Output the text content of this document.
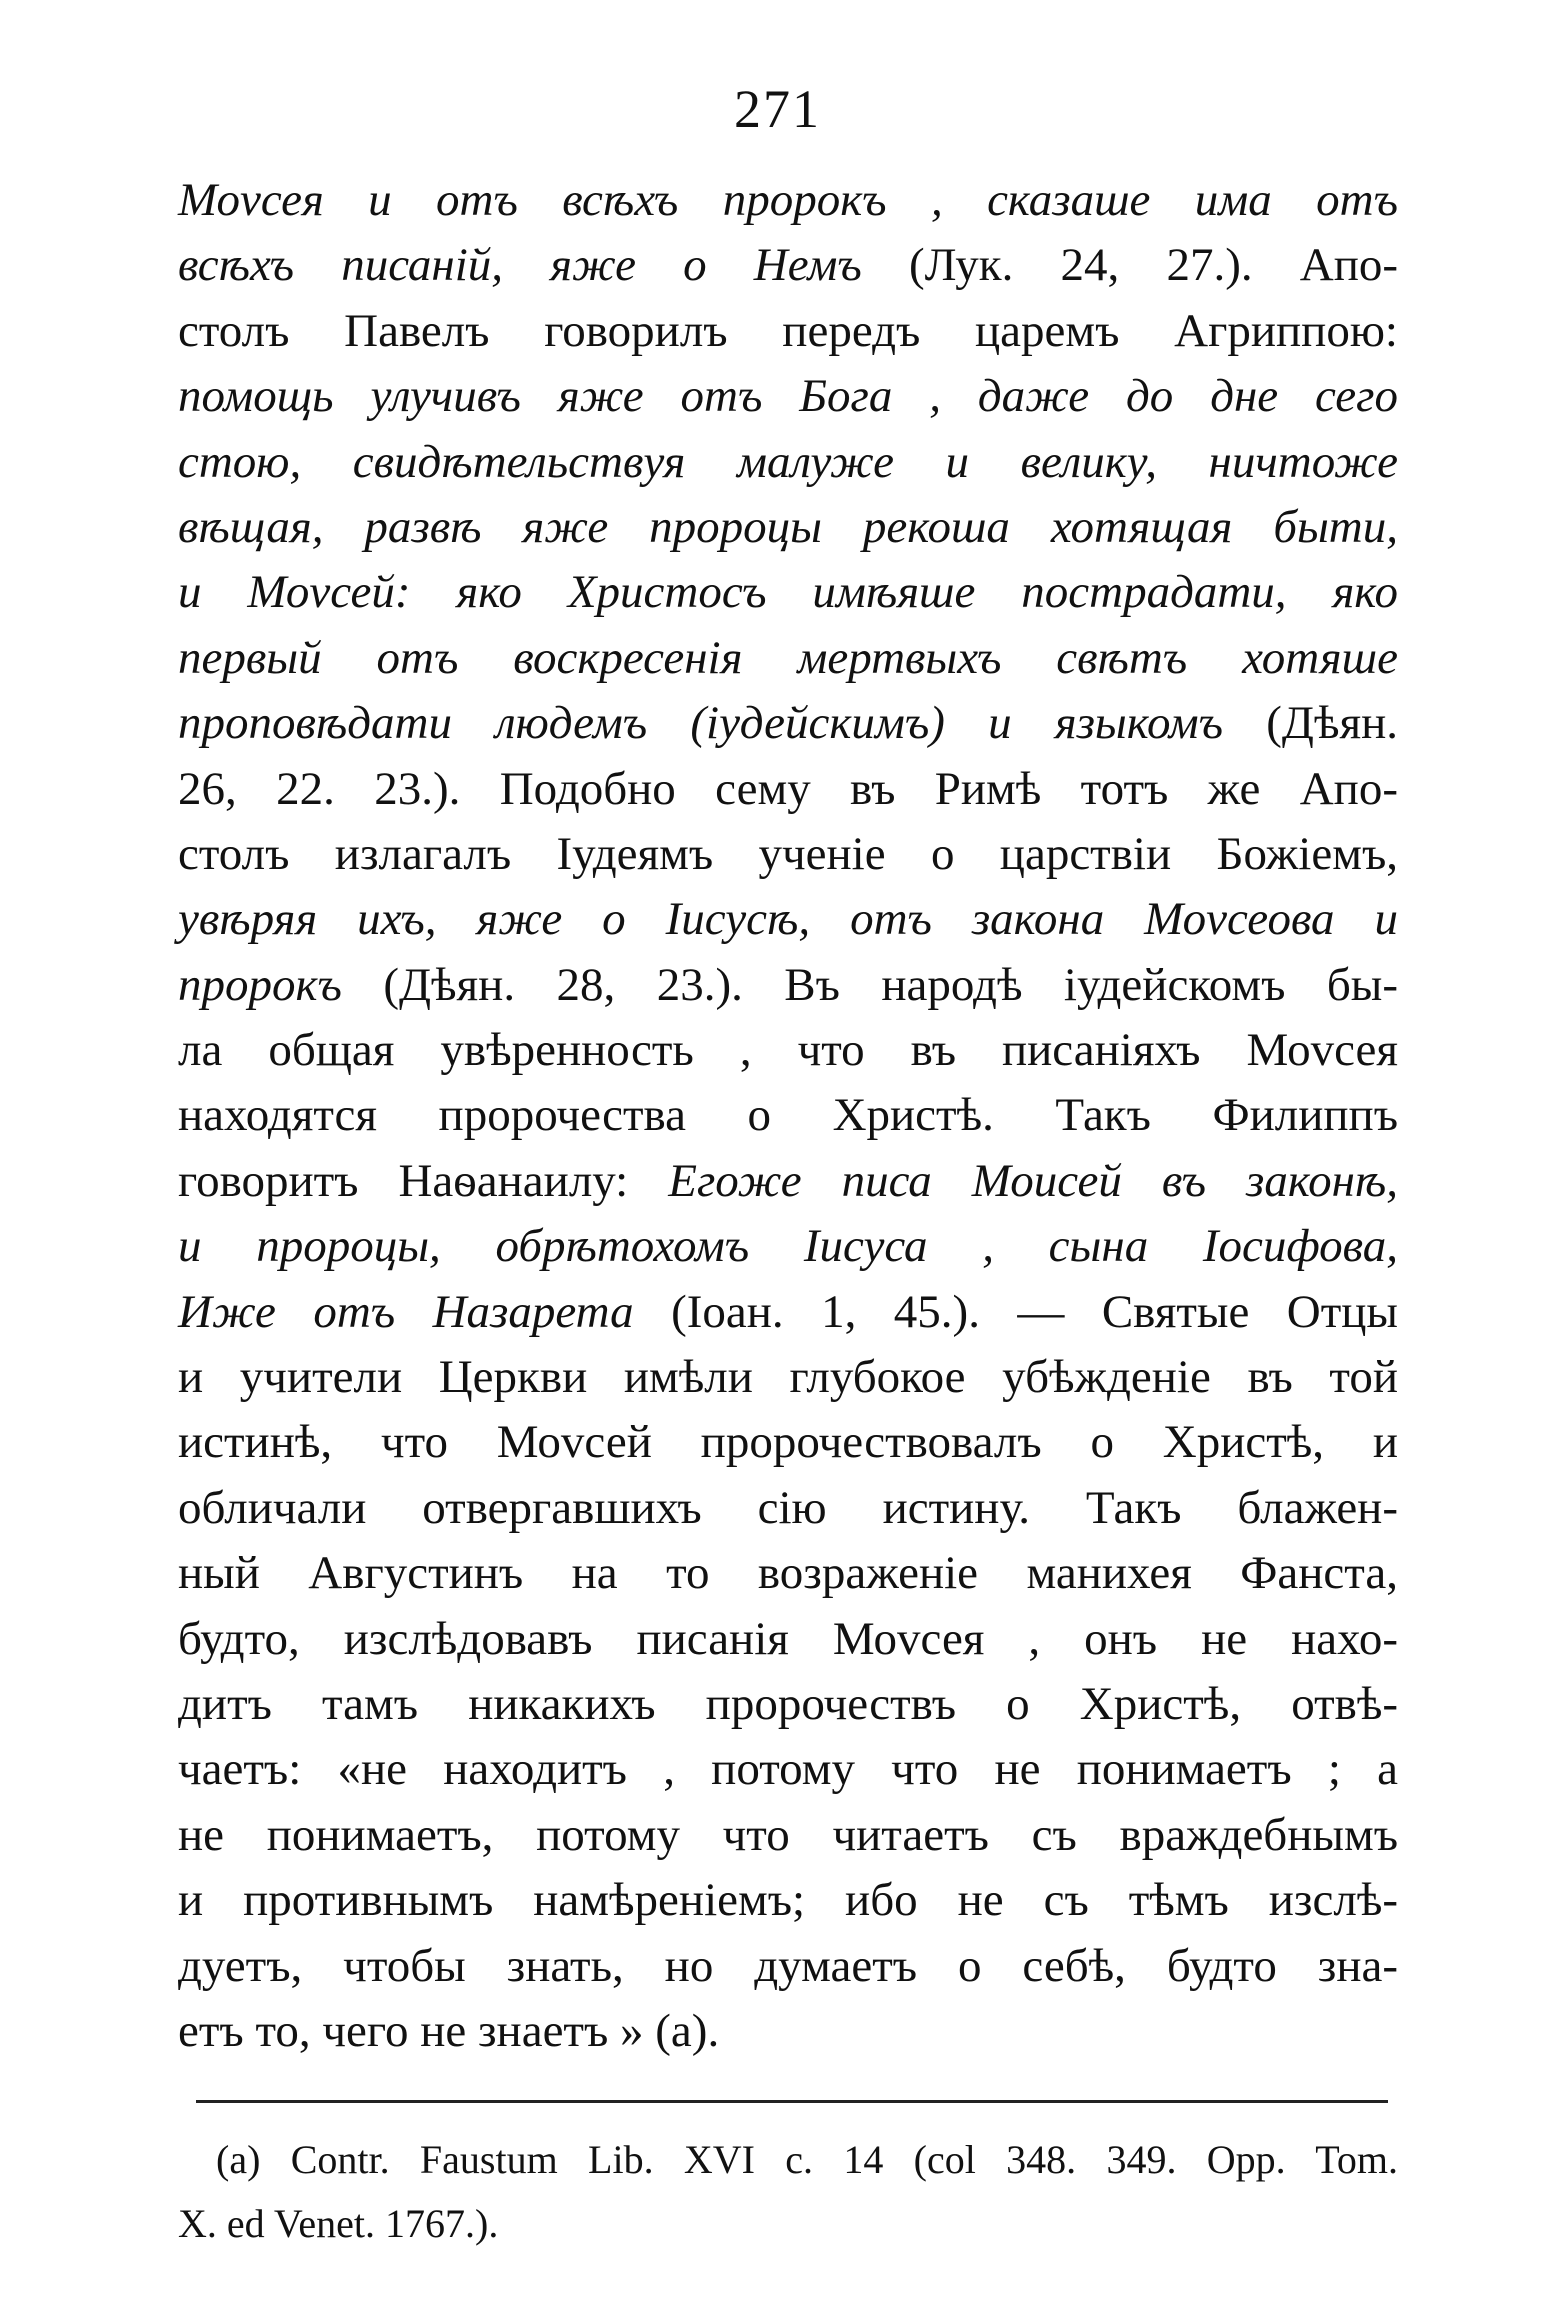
271
Моvсея и отъ всѣхъ пророкъ , сказаше има отъ
всѣхъ писаній, яже о Немъ (Лук. 24, 27.). Апо-
столъ Павелъ говорилъ передъ царемъ Агриппою:
помощь улучивъ яже отъ Бога , даже до дне сего
стою, свидѣтельствуя малуже и велику, ничтоже
вѣщая, развѣ яже пророцы рекоша хотящая быти,
и Моvсей: яко Христосъ имѣяше пострадати, яко
первый отъ воскресенія мертвыхъ свѣтъ хотяше
проповѣдати людемъ (іудейскимъ) и языкомъ (Дѣян.
26, 22. 23.). Подобно сему въ Римѣ тотъ же Апо-
столъ излагалъ Іудеямъ ученіе о царствіи Божіемъ,
увѣряя ихъ, яже о Іисусѣ, отъ закона Моvсеова и
пророкъ (Дѣян. 28, 23.). Въ народѣ іудейскомъ бы-
ла общая увѣренность , что въ писаніяхъ Моvсея
находятся пророчества о Христѣ. Такъ Филиппъ
говоритъ Наѳанаилу: Егоже писа Моисей въ законѣ,
и пророцы, обрѣтохомъ Іисуса , сына Іосифова,
Иже отъ Назарета (Іоан. 1, 45.). — Святые Отцы
и учители Церкви имѣли глубокое убѣжденіе въ той
истинѣ, что Моvсей пророчествовалъ о Христѣ, и
обличали отвергавшихъ сію истину. Такъ блажен-
ный Августинъ на то возраженіе манихея Фанста,
будто, изслѣдовавъ писанія Моvсея , онъ не нахо-
дитъ тамъ никакихъ пророчествъ о Христѣ, отвѣ-
чаетъ: «не находитъ , потому что не понимаетъ ; а
не понимаетъ, потому что читаетъ съ враждебнымъ
и противнымъ намѣреніемъ; ибо не съ тѣмъ изслѣ-
дуетъ, чтобы знать, но думаетъ о себѣ, будто зна-
етъ то, чего не знаетъ » (а).
(а) Contr. Faustum Lib. XVI c. 14 (col 348. 349. Opp. Tom.
X. ed Venet. 1767.).
